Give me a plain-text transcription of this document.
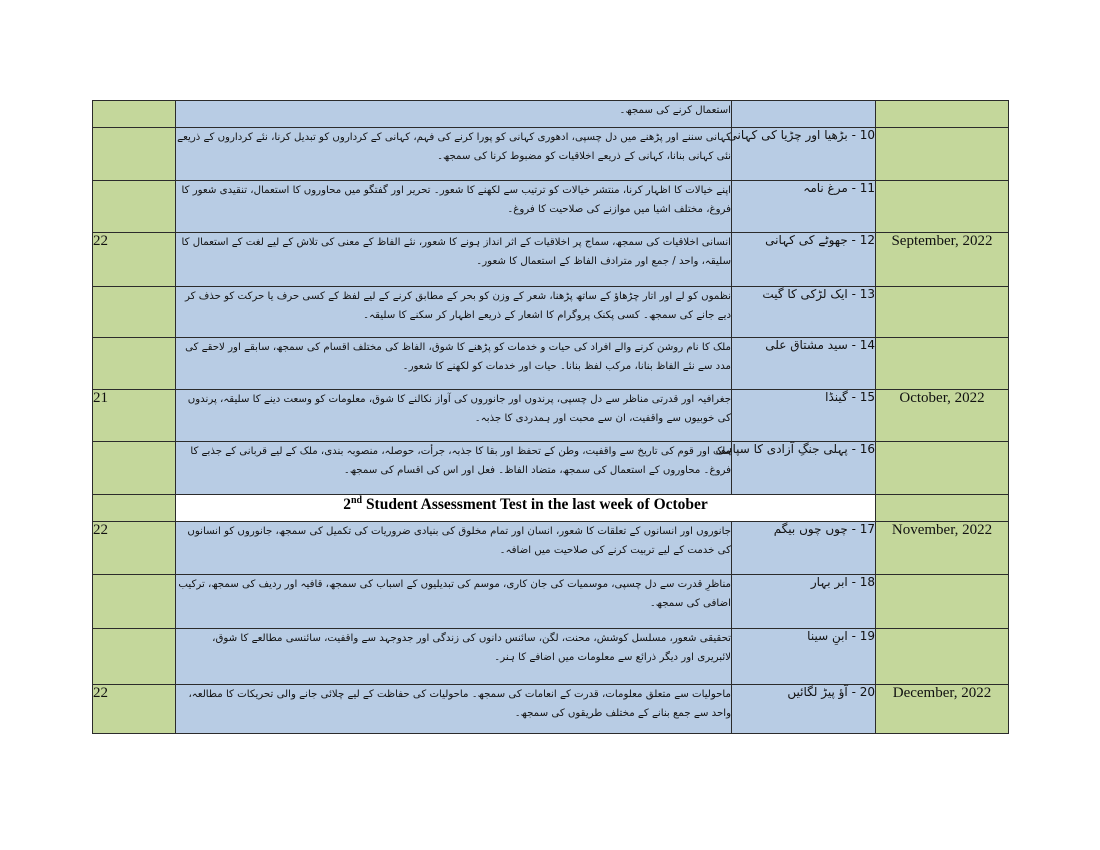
	استعمال کرنے کی سمجھ۔		
	کہانی سننے اور پڑھنے میں دل چسپی، ادھوری کہانی کو پورا کرنے کی فہم، کہانی کے کرداروں کو تبدیل کرنا، نئے کرداروں کے ذریعے نئی کہانی بنانا، کہانی کے ذریعے اخلاقیات کو مضبوط کرنا کی سمجھ۔	10 - بڑھیا اور چڑیا کی کہانی	
	اپنے خیالات کا اظہار کرنا، منتشر خیالات کو ترتیب سے لکھنے کا شعور۔ تحریر اور گفتگو میں محاوروں کا استعمال، تنقیدی شعور کا فروغ، مختلف اشیا میں موازنے کی صلاحیت کا فروغ۔	11 - مرغ نامہ	
22	انسانی اخلاقیات کی سمجھ، سماج پر اخلاقیات کے اثر انداز ہونے کا شعور، نئے الفاظ کے معنی کی تلاش کے لیے لغت کے استعمال کا سلیقہ، واحد / جمع اور مترادف الفاظ کے استعمال کا شعور۔	12 - جھوٹے کی کہانی	September, 2022
	نظموں کو لے اور اتار چڑھاؤ کے ساتھ پڑھنا، شعر کے وزن کو بحر کے مطابق کرنے کے لیے لفظ کے کسی حرف یا حرکت کو حذف کر دیے جانے کی سمجھ۔ کسی پکنک پروگرام کا اشعار کے ذریعے اظہار کر سکنے کا سلیقہ۔	13 - ایک لڑکی کا گیت	
	ملک کا نام روشن کرنے والے افراد کی حیات و خدمات کو پڑھنے کا شوق، الفاظ کی مختلف اقسام کی سمجھ، سابقے اور لاحقے کی مدد سے نئے الفاظ بنانا، مرکب لفظ بنانا۔ حیات اور خدمات کو لکھنے کا شعور۔	14 - سید مشتاق علی	
21	جغرافیہ اور قدرتی مناظر سے دل چسپی، پرندوں اور جانوروں کی آواز نکالنے کا شوق، معلومات کو وسعت دینے کا سلیقہ، پرندوں کی خوبیوں سے واقفیت، ان سے محبت اور ہمدردی کا جذبہ۔	15 - گینڈا	October, 2022
	ملک اور قوم کی تاریخ سے واقفیت، وطن کے تحفظ اور بقا کا جذبہ، جرأت، حوصلہ، منصوبہ بندی، ملک کے لیے قربانی کے جذبے کا فروغ۔ محاوروں کے استعمال کی سمجھ، متضاد الفاظ۔ فعل اور اس کی اقسام کی سمجھ۔	16 - پہلی جنگِ آزادی کا سپاہی	
	2nd Student Assessment Test in the last week of October		
22	جانوروں اور انسانوں کے تعلقات کا شعور، انسان اور تمام مخلوق کی بنیادی ضروریات کی تکمیل کی سمجھ، جانوروں کو انسانوں کی خدمت کے لیے تربیت کرنے کی صلاحیت میں اضافہ۔	17 - چوں چوں بیگم	November, 2022
	مناظرِ قدرت سے دل چسپی، موسمیات کی جان کاری، موسم کی تبدیلیوں کے اسباب کی سمجھ، قافیہ اور ردیف کی سمجھ، ترکیب اضافی کی سمجھ۔	18 - ابر بہار	
	تحقیقی شعور، مسلسل کوشش، محنت، لگن، سائنس دانوں کی زندگی اور جدوجہد سے واقفیت، سائنسی مطالعے کا شوق، لائبریری اور دیگر ذرائع سے معلومات میں اضافے کا ہنر۔	19 - ابنِ سینا	
22	ماحولیات سے متعلق معلومات، قدرت کے انعامات کی سمجھ۔ ماحولیات کی حفاظت کے لیے چلائی جانے والی تحریکات کا مطالعہ، واحد سے جمع بنانے کے مختلف طریقوں کی سمجھ۔	20 - آؤ پیڑ لگائیں	December, 2022
